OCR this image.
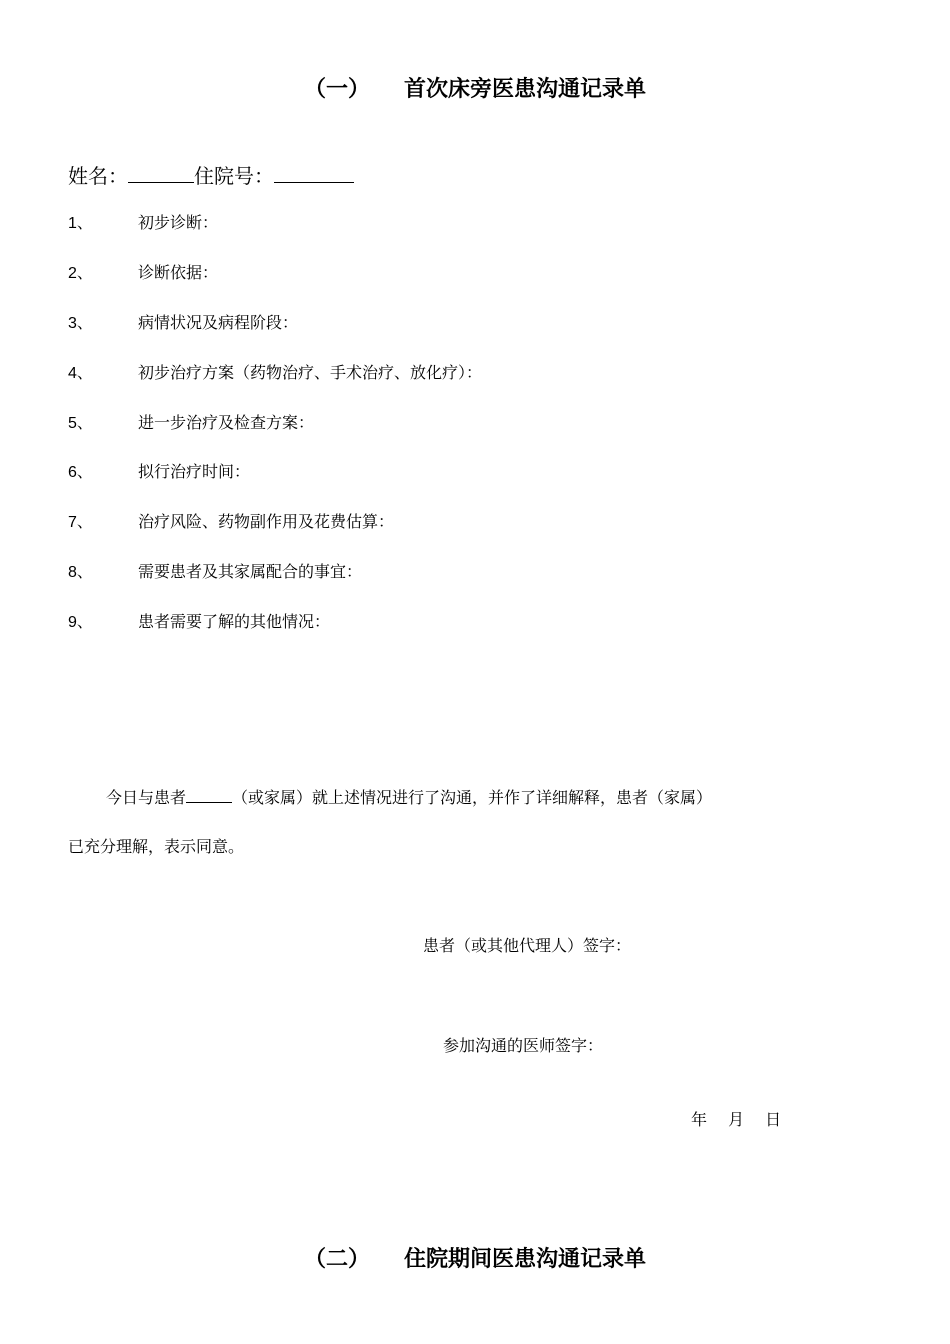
（一） 首次床旁医患沟通记录单
姓名：	住院号：
1、	初步诊断：
2、	诊断依据：
3、	病情状况及病程阶段：
4、	初步治疗方案（药物治疗、手术治疗、放化疗）：
5、	进一步治疗及检查方案：
6、	拟行治疗时间：
7、	治疗风险、药物副作用及花费估算：
8、	需要患者及其家属配合的事宜：
9、	患者需要了解的其他情况：
今日与患者	（或家属）就上述情况进行了沟通，并作了详细解释，患者（家属）
已充分理解，表示同意。
患者（或其他代理人）签字：
参加沟通的医师签字：
年 月 日
（二） 住院期间医患沟通记录单
